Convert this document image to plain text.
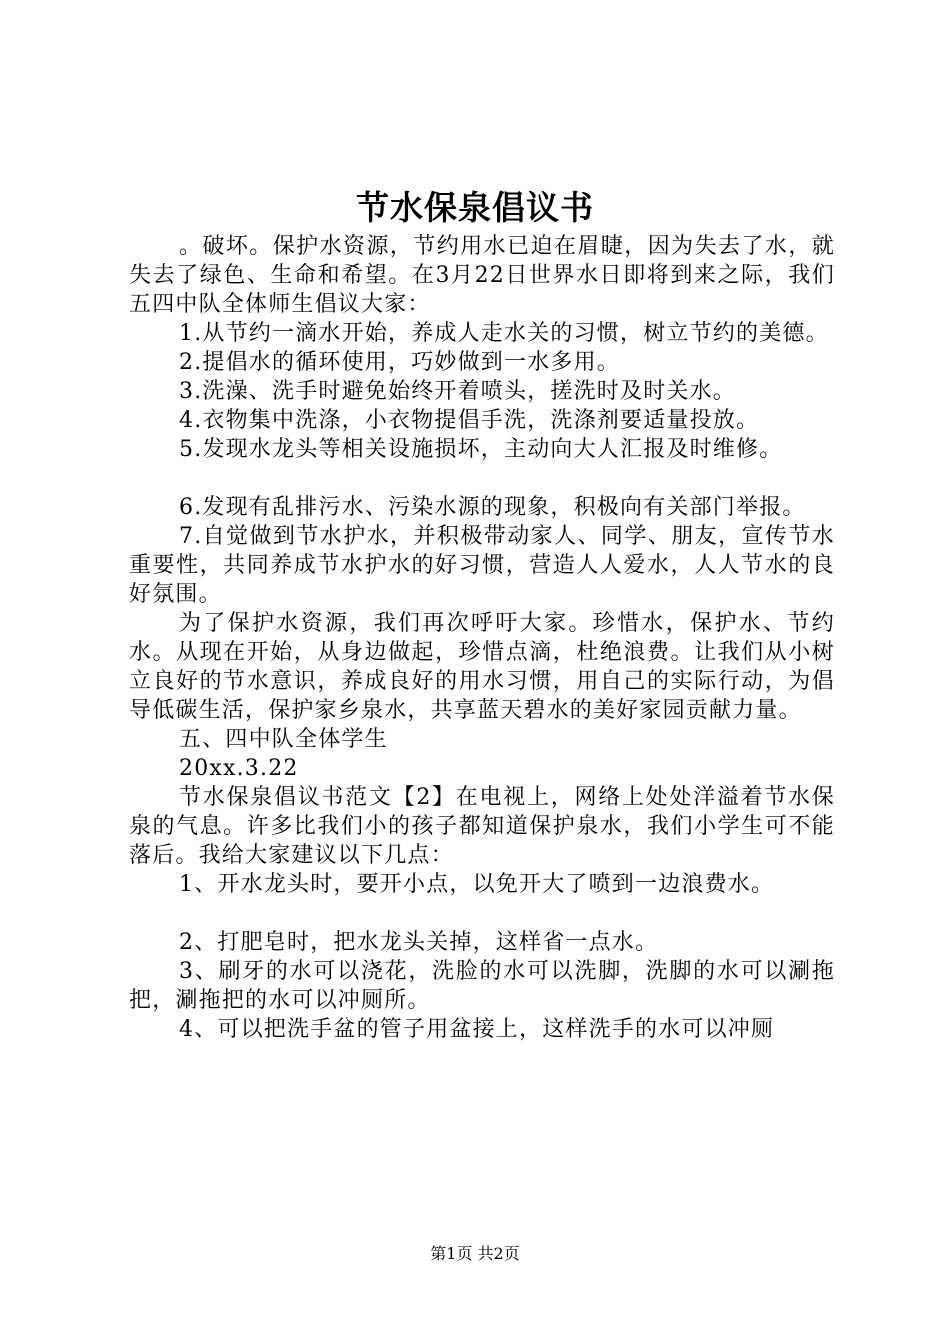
节水保泉倡议书

。破坏。保护水资源，节约用水已迫在眉睫，因为失去了水，就失去了绿色、生命和希望。在3月22日世界水日即将到来之际，我们五四中队全体师生倡议大家：

1.从节约一滴水开始，养成人走水关的习惯，树立节约的美德。

2.提倡水的循环使用，巧妙做到一水多用。

3.洗澡、洗手时避免始终开着喷头，搓洗时及时关水。

4.衣物集中洗涤，小衣物提倡手洗，洗涤剂要适量投放。

5.发现水龙头等相关设施损坏，主动向大人汇报及时维修。

6.发现有乱排污水、污染水源的现象，积极向有关部门举报。

7.自觉做到节水护水，并积极带动家人、同学、朋友，宣传节水重要性，共同养成节水护水的好习惯，营造人人爱水，人人节水的良好氛围。

为了保护水资源，我们再次呼吁大家。珍惜水，保护水、节约水。从现在开始，从身边做起，珍惜点滴，杜绝浪费。让我们从小树立良好的节水意识，养成良好的用水习惯，用自己的实际行动，为倡导低碳生活，保护家乡泉水，共享蓝天碧水的美好家园贡献力量。

五、四中队全体学生

20xx.3.22

节水保泉倡议书范文【2】在电视上，网络上处处洋溢着节水保泉的气息。许多比我们小的孩子都知道保护泉水，我们小学生可不能落后。我给大家建议以下几点：

1、开水龙头时，要开小点，以免开大了喷到一边浪费水。

2、打肥皂时，把水龙头关掉，这样省一点水。

3、刷牙的水可以浇花，洗脸的水可以洗脚，洗脚的水可以涮拖把，涮拖把的水可以冲厕所。

4、可以把洗手盆的管子用盆接上，这样洗手的水可以冲厕

第1页 共2页
